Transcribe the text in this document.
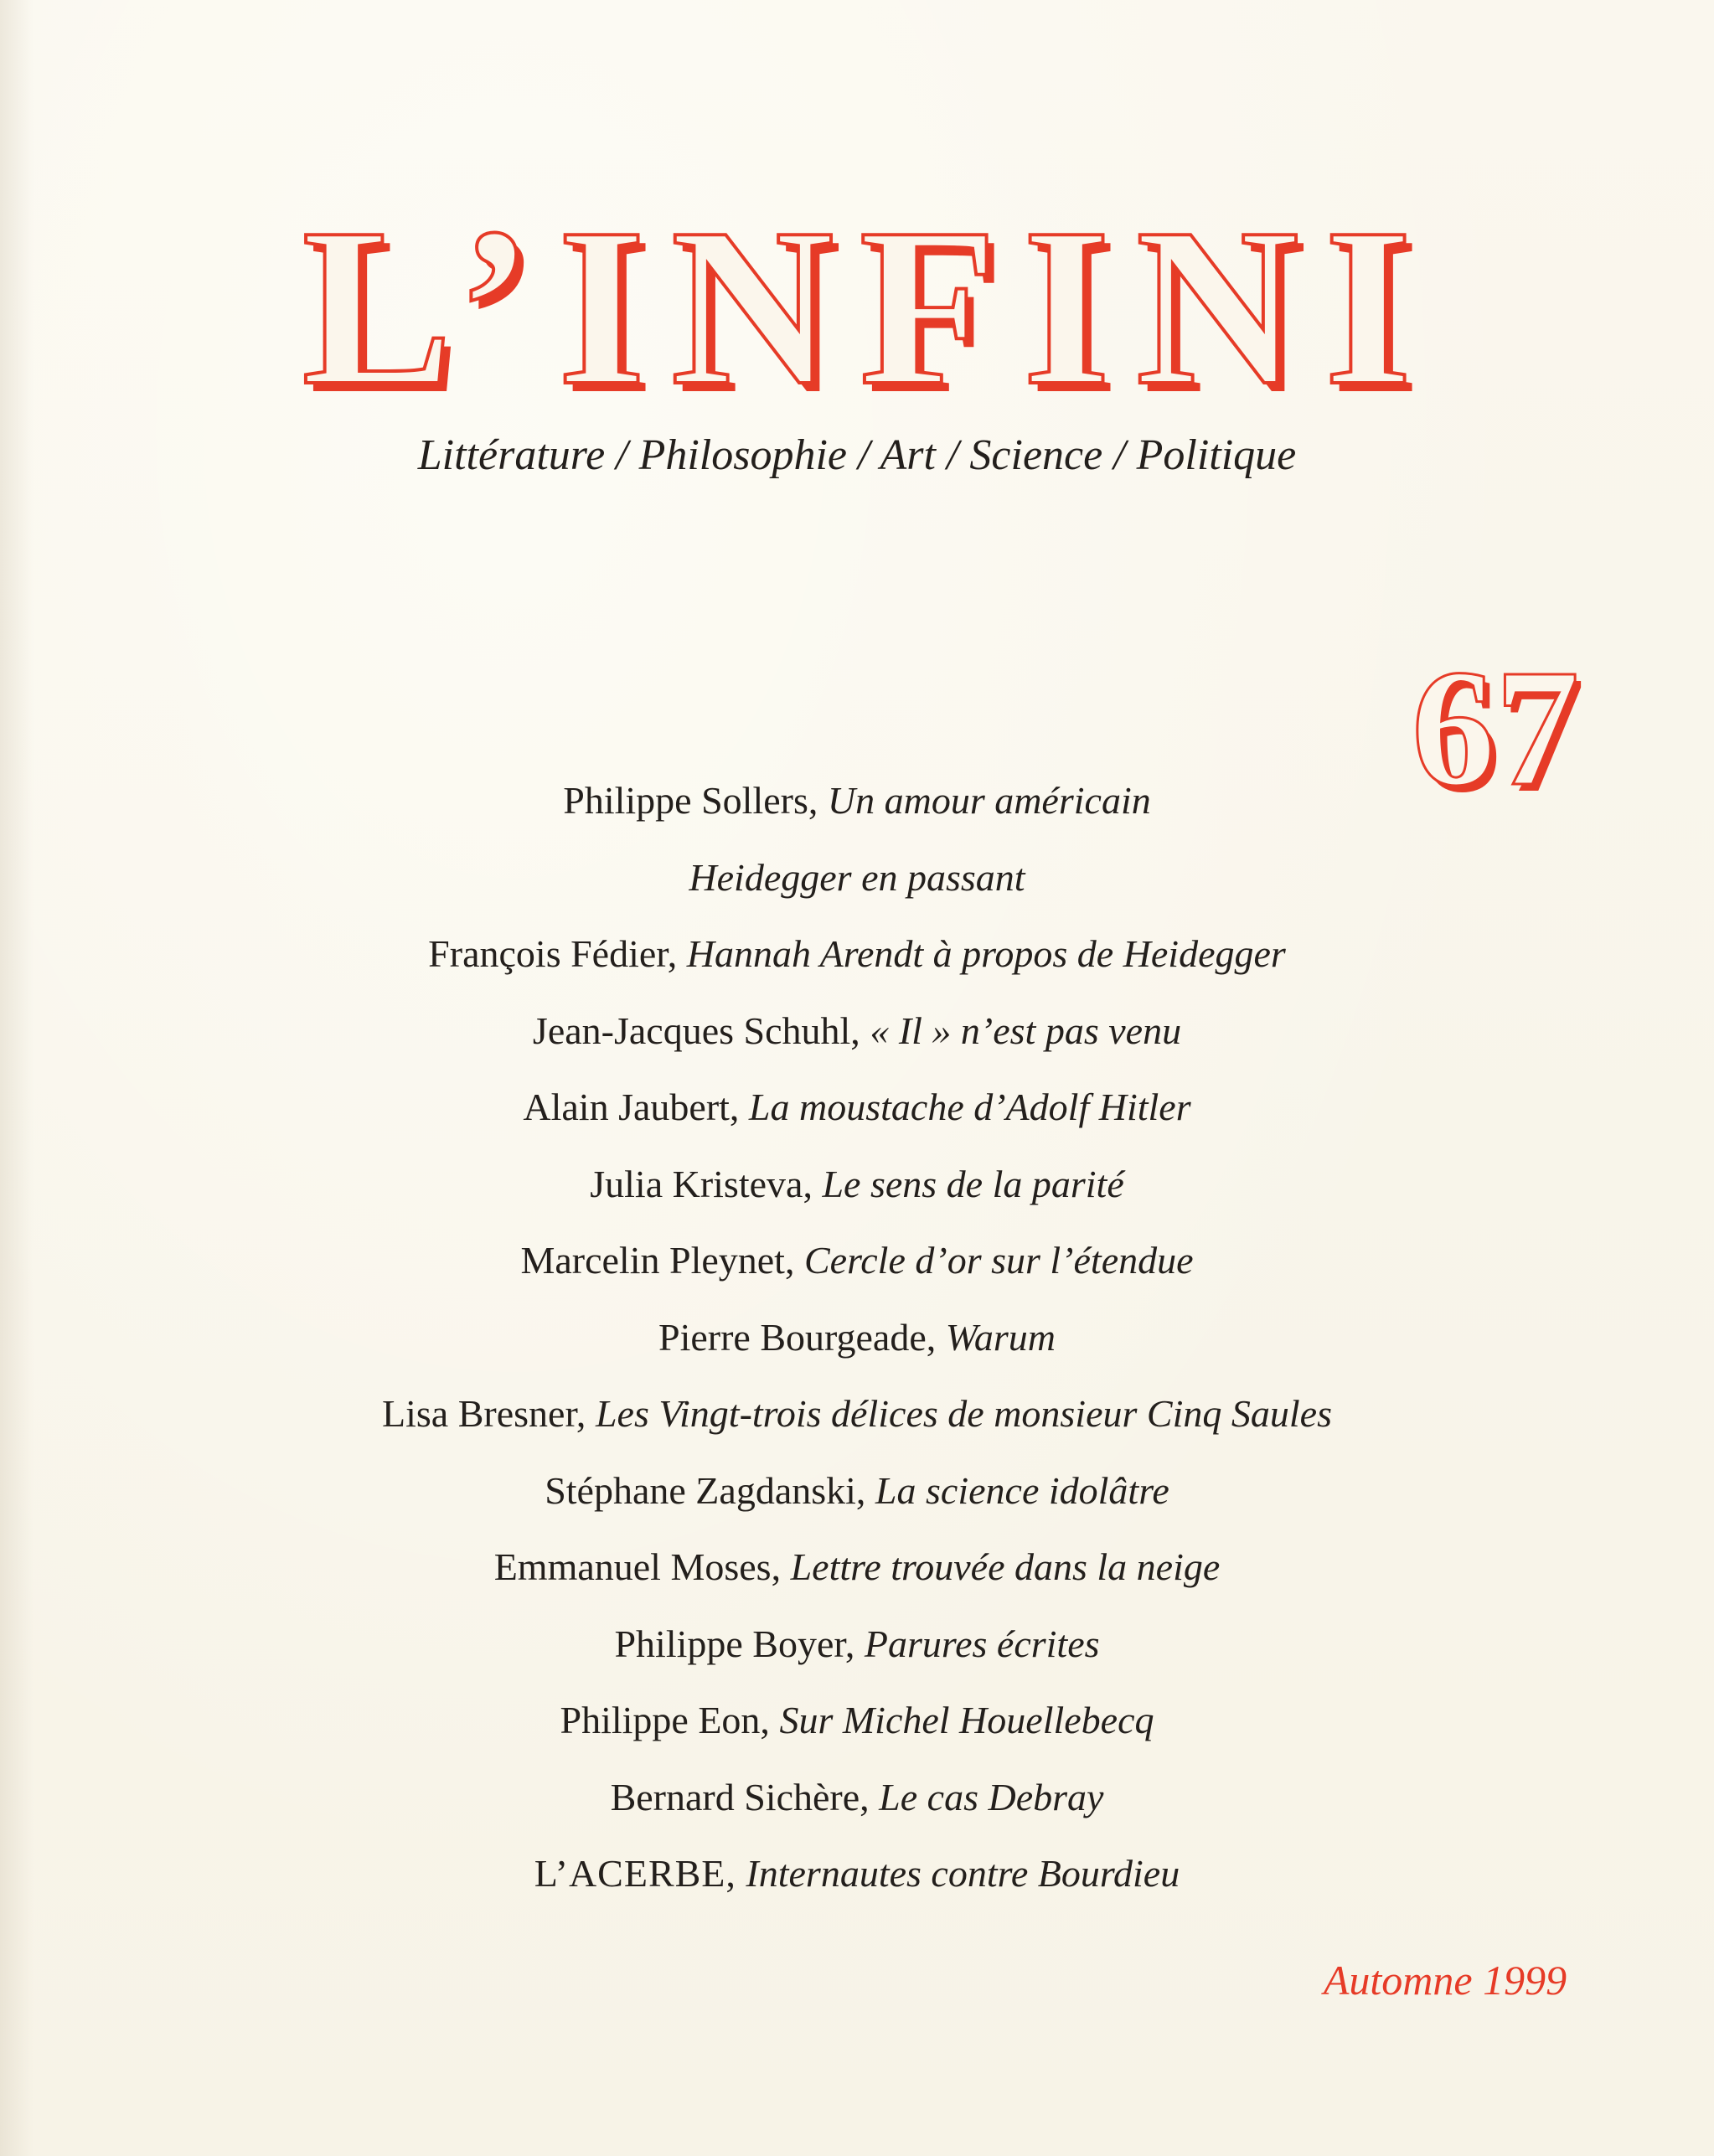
L’INFINI
Littérature / Philosophie / Art / Science / Politique
67
Philippe Sollers, Un amour américain
Heidegger en passant
François Fédier, Hannah Arendt à propos de Heidegger
Jean-Jacques Schuhl, « Il » n’est pas venu
Alain Jaubert, La moustache d’Adolf Hitler
Julia Kristeva, Le sens de la parité
Marcelin Pleynet, Cercle d’or sur l’étendue
Pierre Bourgeade, Warum
Lisa Bresner, Les Vingt-trois délices de monsieur Cinq Saules
Stéphane Zagdanski, La science idolâtre
Emmanuel Moses, Lettre trouvée dans la neige
Philippe Boyer, Parures écrites
Philippe Eon, Sur Michel Houellebecq
Bernard Sichère, Le cas Debray
L’ACERBE, Internautes contre Bourdieu
Automne 1999
